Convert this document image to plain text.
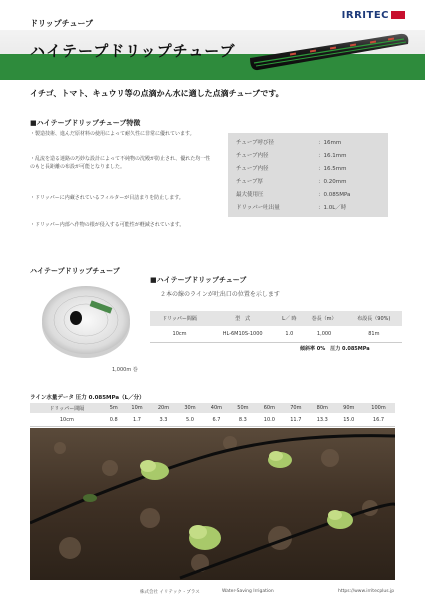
ドリップチューブ
IRRITEC
ハイテープドリップチューブ
イチゴ、トマト、キュウリ等の点滴かん水に適した点滴チューブです。
■ハイテープドリップチューブ特徴
・製造技術、進んだ原材料の使用によって耐久性に非常に優れています。
・乱流を造る迷路の巧妙な設計によって不純物の沈殿が防止され、優れた均一性のもと長距離の布設が可能となりました。
・ドリッパーに内蔵されているフィルターが目詰まりを防止します。
・ドリッパー内部へ作物の根が侵入する可能性が軽減されています。
チューブ呼び径	：16mm
チューブ内径	：16.1mm
チューブ内径	：16.5mm
チューブ厚	：0.20mm
最大使用圧	：0.085MPa
ドリッパー吐出量	：1.0L／時
ハイテープドリップチューブ
1,000m 巻
■ハイテープドリップチューブ
２本の線のラインが吐出口の位置を示します
ドリッパー間隔	型　式	L／ 時	巻長（m）	布設長（90%)
10cm	HL-6M10S-1000	1.0	1,000	81m
傾斜率 0%　圧力 0.085MPa
ライン水量データ 圧力 0.085MPa（L／分）
ドリッパー間隔	5m	10m	20m	30m	40m	50m	60m	70m	80m	90m	100m
10cm	0.8	1.7	3.3	5.0	6.7	8.3	10.0	11.7	13.3	15.0	16.7
株式会社 イリテック・プラス	Water-Saving Irrigation	https://www.irritecplus.jp
